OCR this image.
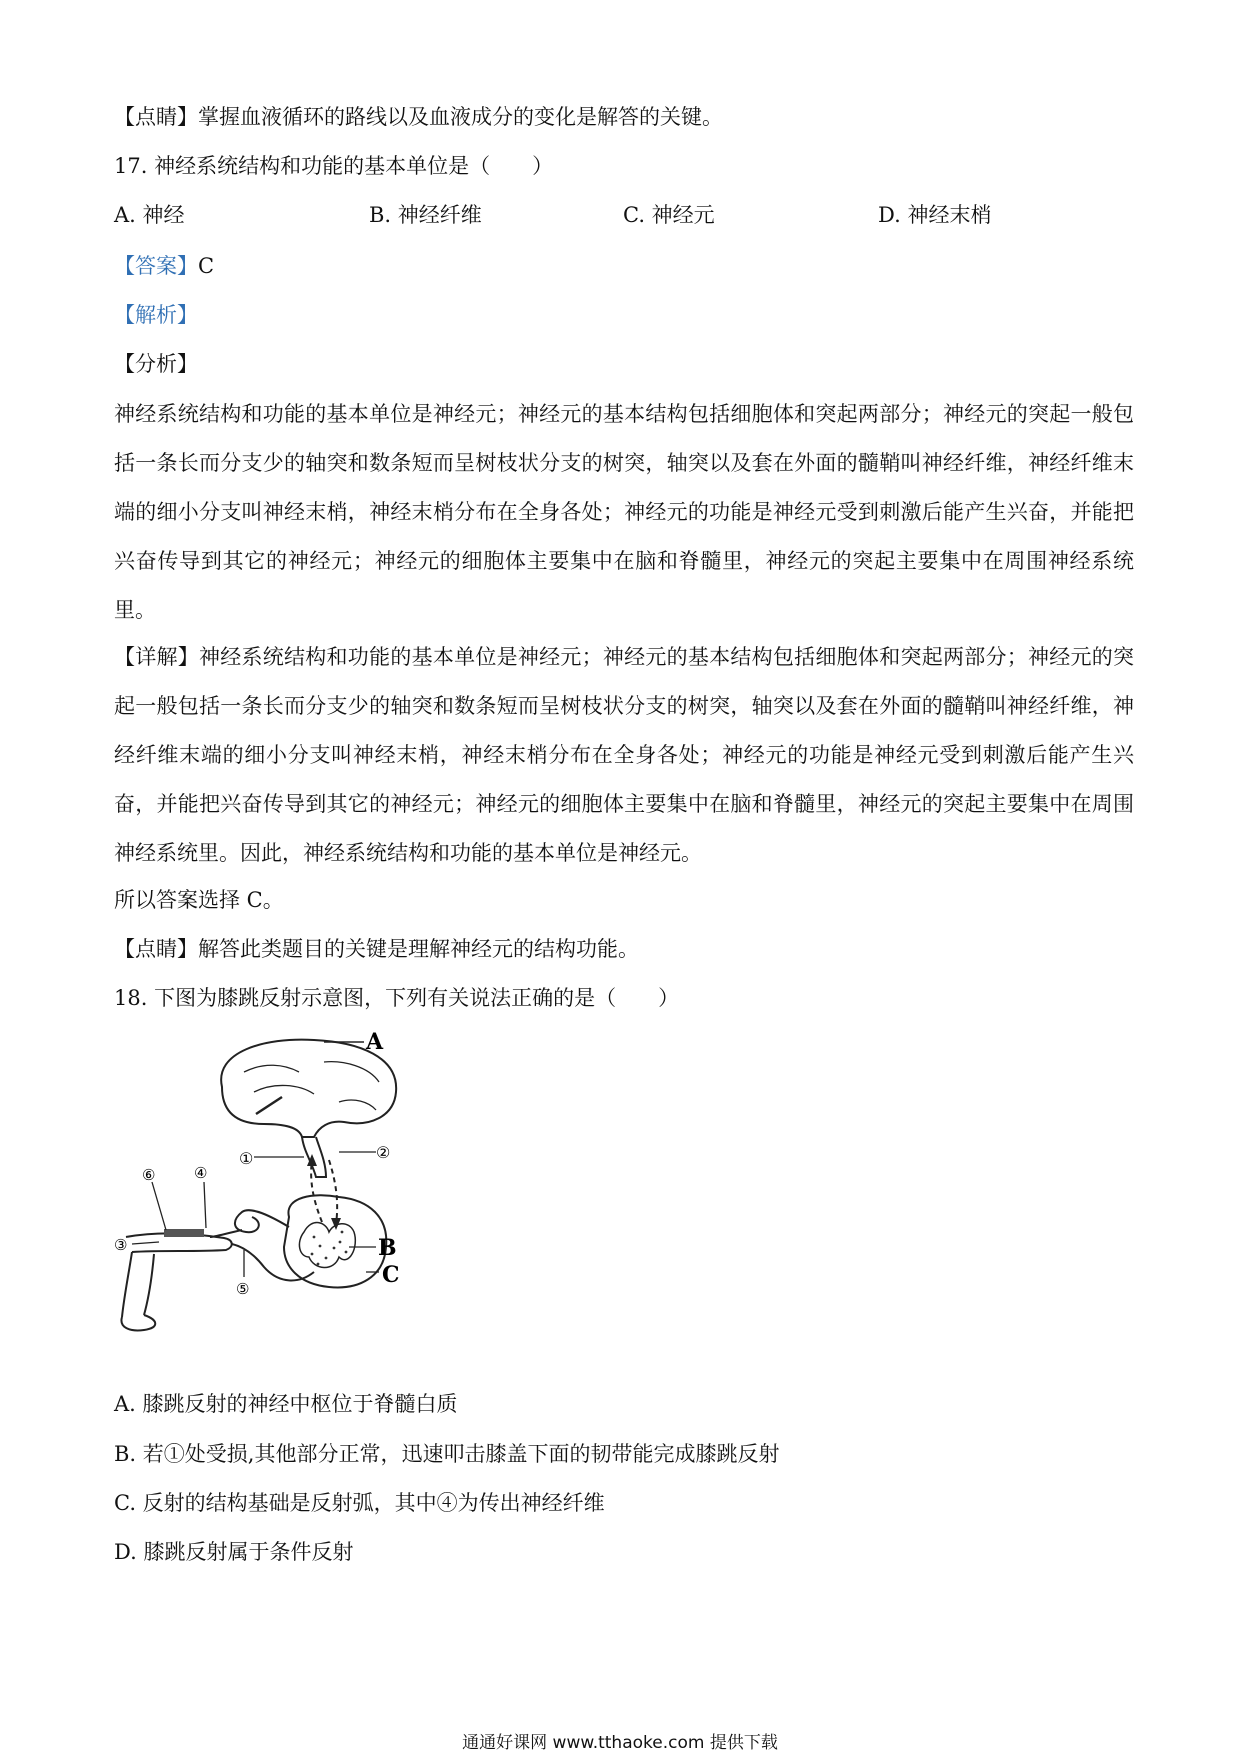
【点睛】掌握血液循环的路线以及血液成分的变化是解答的关键。
17. 神经系统结构和功能的基本单位是（　　）
A. 神经	B. 神经纤维	C. 神经元	D. 神经末梢
【答案】C
【解析】
【分析】
神经系统结构和功能的基本单位是神经元；神经元的基本结构包括细胞体和突起两部分；神经元的突起一般包括一条长而分支少的轴突和数条短而呈树枝状分支的树突，轴突以及套在外面的髓鞘叫神经纤维，神经纤维末端的细小分支叫神经末梢，神经末梢分布在全身各处；神经元的功能是神经元受到刺激后能产生兴奋，并能把兴奋传导到其它的神经元；神经元的细胞体主要集中在脑和脊髓里，神经元的突起主要集中在周围神经系统里。
【详解】神经系统结构和功能的基本单位是神经元；神经元的基本结构包括细胞体和突起两部分；神经元的突起一般包括一条长而分支少的轴突和数条短而呈树枝状分支的树突，轴突以及套在外面的髓鞘叫神经纤维，神经纤维末端的细小分支叫神经末梢，神经末梢分布在全身各处；神经元的功能是神经元受到刺激后能产生兴奋，并能把兴奋传导到其它的神经元；神经元的细胞体主要集中在脑和脊髓里，神经元的突起主要集中在周围神经系统里。因此，神经系统结构和功能的基本单位是神经元。
所以答案选择 C。
【点睛】解答此类题目的关键是理解神经元的结构功能。
18. 下图为膝跳反射示意图，下列有关说法正确的是（　　）
A
①	②
B
C
⑥	④
③
⑤
A. 膝跳反射的神经中枢位于脊髓白质
B. 若①处受损,其他部分正常，迅速叩击膝盖下面的韧带能完成膝跳反射
C. 反射的结构基础是反射弧，其中④为传出神经纤维
D. 膝跳反射属于条件反射
通通好课网 www.tthaoke.com 提供下载
